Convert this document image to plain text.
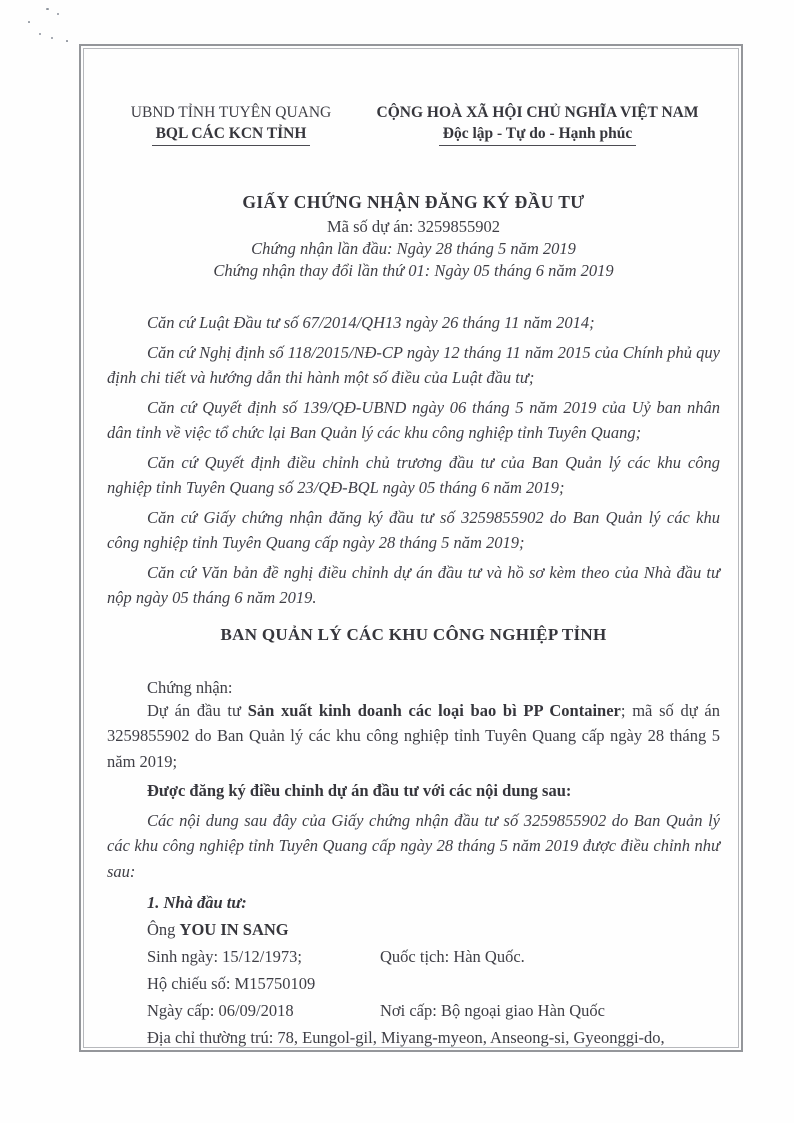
UBND TỈNH TUYÊN QUANG
BQL CÁC KCN TỈNH
CỘNG HOÀ XÃ HỘI CHỦ NGHĨA VIỆT NAM
Độc lập - Tự do - Hạnh phúc
GIẤY CHỨNG NHẬN ĐĂNG KÝ ĐẦU TƯ
Mã số dự án: 3259855902
Chứng nhận lần đầu: Ngày 28 tháng 5 năm 2019
Chứng nhận thay đổi lần thứ 01: Ngày 05 tháng 6 năm 2019

Căn cứ Luật Đầu tư số 67/2014/QH13 ngày 26 tháng 11 năm 2014;

Căn cứ Nghị định số 118/2015/NĐ-CP ngày 12 tháng 11 năm 2015 của Chính phủ quy định chi tiết và hướng dẫn thi hành một số điều của Luật đầu tư;

Căn cứ Quyết định số 139/QĐ-UBND ngày 06 tháng 5 năm 2019 của Uỷ ban nhân dân tỉnh về việc tổ chức lại Ban Quản lý các khu công nghiệp tỉnh Tuyên Quang;

Căn cứ Quyết định điều chỉnh chủ trương đầu tư của Ban Quản lý các khu công nghiệp tỉnh Tuyên Quang số 23/QĐ-BQL ngày 05 tháng 6 năm 2019;

Căn cứ Giấy chứng nhận đăng ký đầu tư số 3259855902 do Ban Quản lý các khu công nghiệp tỉnh Tuyên Quang cấp ngày 28 tháng 5 năm 2019;

Căn cứ Văn bản đề nghị điều chỉnh dự án đầu tư và hồ sơ kèm theo của Nhà đầu tư nộp ngày 05 tháng 6 năm 2019.

BAN QUẢN LÝ CÁC KHU CÔNG NGHIỆP TỈNH
Chứng nhận:

Dự án đầu tư Sản xuất kinh doanh các loại bao bì PP Container; mã số dự án 3259855902 do Ban Quản lý các khu công nghiệp tỉnh Tuyên Quang cấp ngày 28 tháng 5 năm 2019;

Được đăng ký điều chỉnh dự án đầu tư với các nội dung sau:

Các nội dung sau đây của Giấy chứng nhận đầu tư số 3259855902 do Ban Quản lý các khu công nghiệp tỉnh Tuyên Quang cấp ngày 28 tháng 5 năm 2019 được điều chỉnh như sau:

1. Nhà đầu tư:
Ông YOU IN SANG
Sinh ngày: 15/12/1973;	Quốc tịch: Hàn Quốc.
Hộ chiếu số: M15750109
Ngày cấp: 06/09/2018	Nơi cấp: Bộ ngoại giao Hàn Quốc
Địa chỉ thường trú: 78, Eungol-gil, Miyang-myeon, Anseong-si, Gyeonggi-do,
